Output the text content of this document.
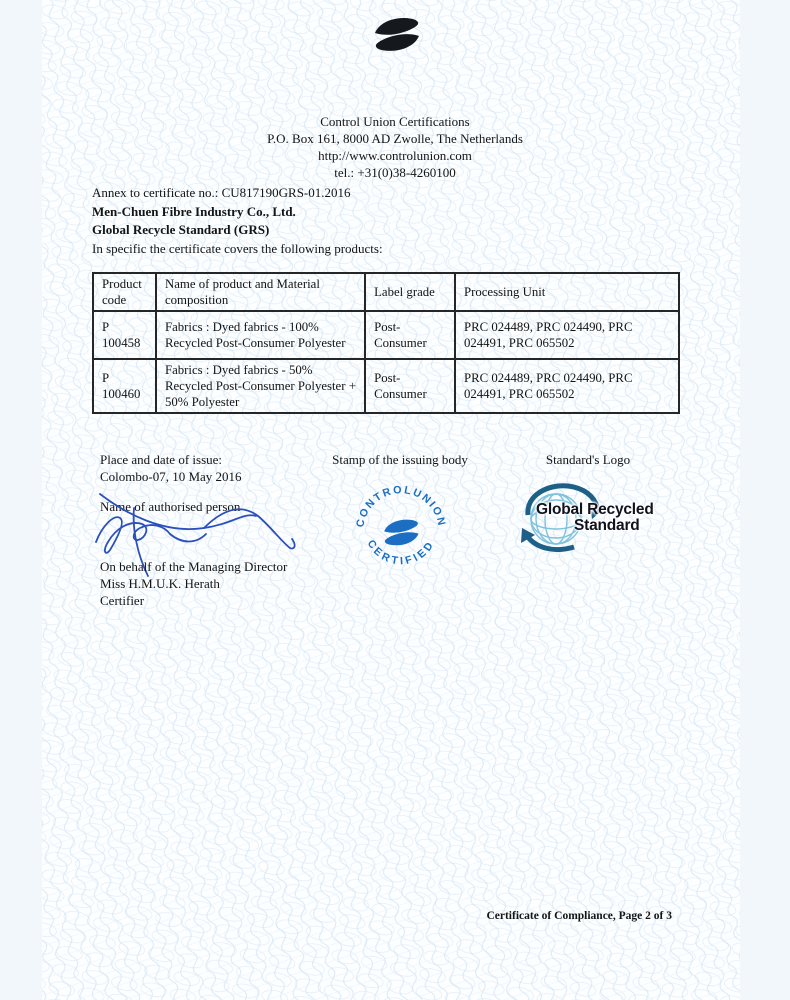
Control Union Certifications
P.O. Box 161, 8000 AD Zwolle, The Netherlands
http://www.controlunion.com
tel.: +31(0)38-4260100
Annex to certificate no.: CU817190GRS-01.2016
Men-Chuen Fibre Industry Co., Ltd.
Global Recycle Standard (GRS)
In specific the certificate covers the following products:
Product code	Name of product and Material composition	Label grade	Processing Unit
P 100458	Fabrics : Dyed fabrics - 100% Recycled Post-Consumer Polyester	Post-Consumer	PRC 024489, PRC 024490, PRC 024491, PRC 065502
P 100460	Fabrics : Dyed fabrics - 50% Recycled Post-Consumer Polyester + 50% Polyester	Post-Consumer	PRC 024489, PRC 024490, PRC 024491, PRC 065502
Place and date of issue:
Colombo-07, 10 May 2016
Stamp of the issuing body	Standard's Logo
Name of authorised person
On behalf of the Managing Director
Miss H.M.U.K. Herath
Certifier
CONTROLUNION
CERTIFIED
Global Recycled
Standard
Certificate of Compliance, Page 2 of 3
